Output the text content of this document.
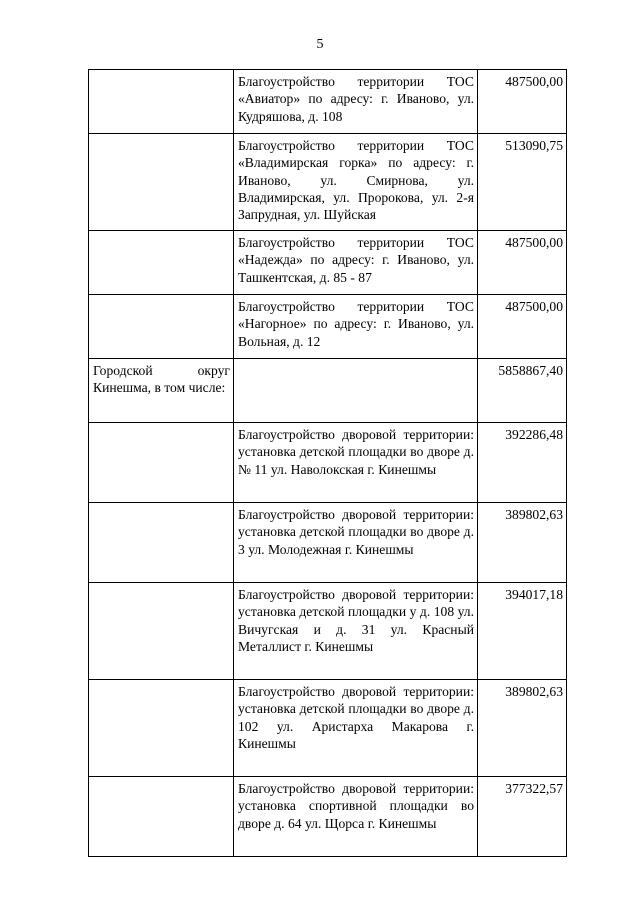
5
	Благоустройство территории ТОС «Авиатор» по адресу: г. Иваново, ул. Кудряшова, д. 108	487500,00
	Благоустройство территории ТОС «Владимирская горка» по адресу: г. Иваново, ул. Смирнова, ул. Владимирская, ул. Пророкова, ул. 2-я Запрудная, ул. Шуйская	513090,75
	Благоустройство территории ТОС «Надежда» по адресу: г. Иваново, ул. Ташкентская, д. 85 - 87	487500,00
	Благоустройство территории ТОС «Нагорное» по адресу: г. Иваново, ул. Вольная, д. 12	487500,00
Городской округ Кинешма, в том числе:		5858867,40
	Благоустройство дворовой территории: установка детской площадки во дворе д. № 11 ул. Наволокская г. Кинешмы	392286,48
	Благоустройство дворовой территории: установка детской площадки во дворе д. 3 ул. Молодежная г. Кинешмы	389802,63
	Благоустройство дворовой территории: установка детской площадки у д. 108 ул. Вичугская и д. 31 ул. Красный Металлист г. Кинешмы	394017,18
	Благоустройство дворовой территории: установка детской площадки во дворе д. 102 ул. Аристарха Макарова г. Кинешмы	389802,63
	Благоустройство дворовой территории: установка спортивной площадки во дворе д. 64 ул. Щорса г. Кинешмы	377322,57
